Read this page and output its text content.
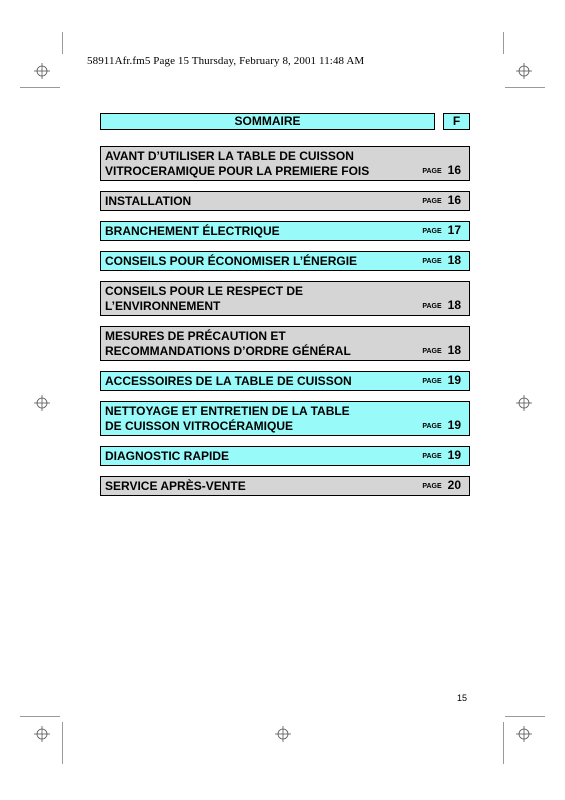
58911Afr.fm5 Page 15 Thursday, February 8, 2001 11:48 AM
SOMMAIRE	F
AVANT D’UTILISER LA TABLE DE CUISSON
VITROCERAMIQUE POUR LA PREMIERE FOIS	PAGE 16
INSTALLATION	PAGE 16
BRANCHEMENT ÉLECTRIQUE	PAGE 17
CONSEILS POUR ÉCONOMISER L’ÉNERGIE	PAGE 18
CONSEILS POUR LE RESPECT DE
L’ENVIRONNEMENT	PAGE 18
MESURES DE PRÉCAUTION ET
RECOMMANDATIONS D’ORDRE GÉNÉRAL	PAGE 18
ACCESSOIRES DE LA TABLE DE CUISSON	PAGE 19
NETTOYAGE ET ENTRETIEN DE LA TABLE
DE CUISSON VITROCÉRAMIQUE	PAGE 19
DIAGNOSTIC RAPIDE	PAGE 19
SERVICE APRÈS-VENTE	PAGE 20
15
